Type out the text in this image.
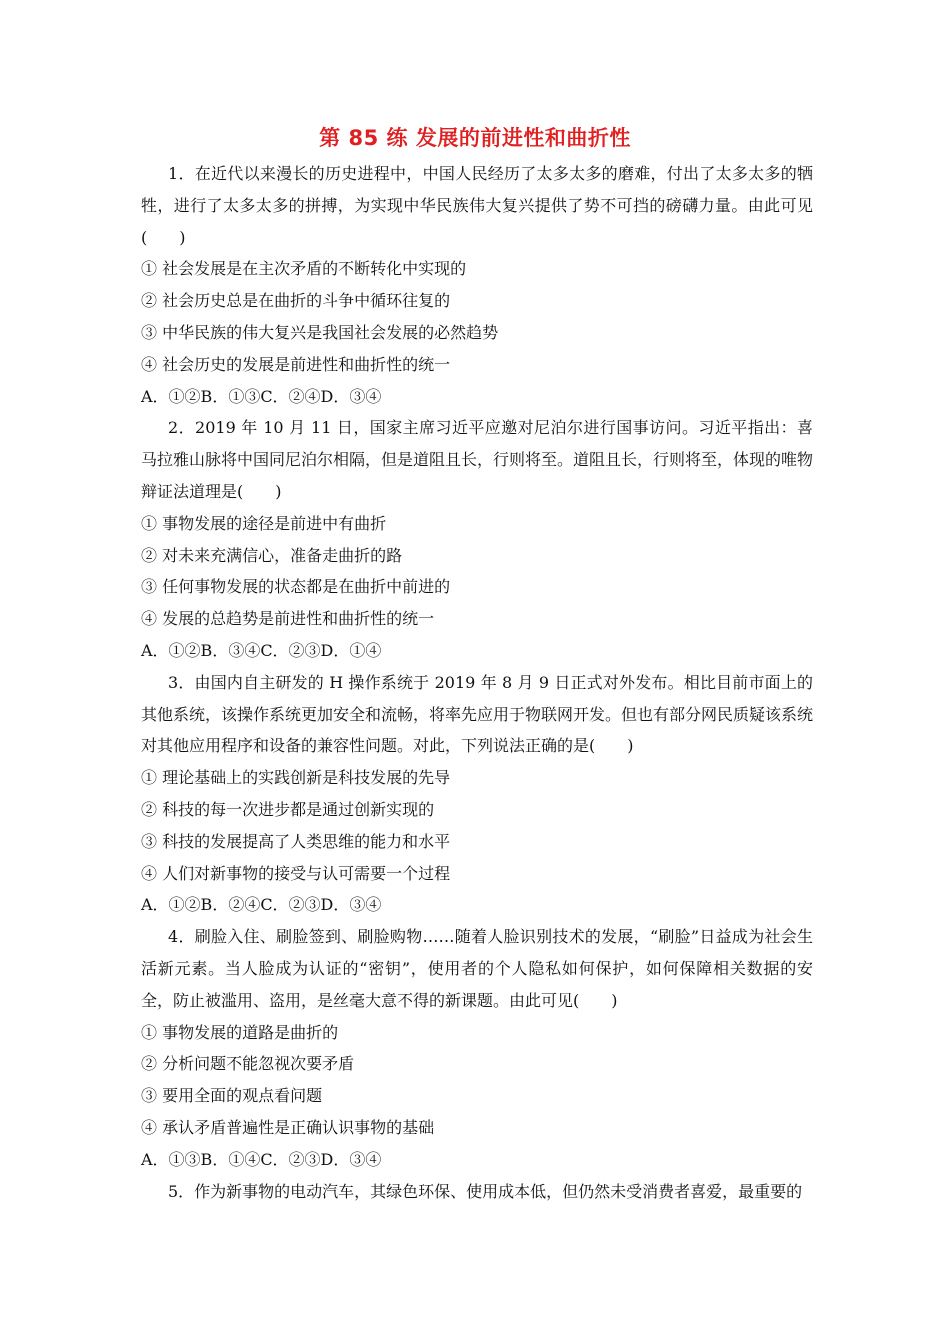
第 85 练 发展的前进性和曲折性

1．在近代以来漫长的历史进程中，中国人民经历了太多太多的磨难，付出了太多太多的牺牲，进行了太多太多的拼搏，为实现中华民族伟大复兴提供了势不可挡的磅礴力量。由此可见(　　)

① 社会发展是在主次矛盾的不断转化中实现的

② 社会历史总是在曲折的斗争中循环往复的

③ 中华民族的伟大复兴是我国社会发展的必然趋势

④ 社会历史的发展是前进性和曲折性的统一

A．①②B．①③C．②④D．③④

2．2019 年 10 月 11 日，国家主席习近平应邀对尼泊尔进行国事访问。习近平指出：喜马拉雅山脉将中国同尼泊尔相隔，但是道阻且长，行则将至。道阻且长，行则将至，体现的唯物辩证法道理是(　　)

① 事物发展的途径是前进中有曲折

② 对未来充满信心，准备走曲折的路

③ 任何事物发展的状态都是在曲折中前进的

④ 发展的总趋势是前进性和曲折性的统一

A．①②B．③④C．②③D．①④

3．由国内自主研发的 H 操作系统于 2019 年 8 月 9 日正式对外发布。相比目前市面上的其他系统，该操作系统更加安全和流畅，将率先应用于物联网开发。但也有部分网民质疑该系统对其他应用程序和设备的兼容性问题。对此，下列说法正确的是(　　)

① 理论基础上的实践创新是科技发展的先导

② 科技的每一次进步都是通过创新实现的

③ 科技的发展提高了人类思维的能力和水平

④ 人们对新事物的接受与认可需要一个过程

A．①②B．②④C．②③D．③④

4．刷脸入住、刷脸签到、刷脸购物……随着人脸识别技术的发展，“刷脸”日益成为社会生活新元素。当人脸成为认证的“密钥”，使用者的个人隐私如何保护，如何保障相关数据的安全，防止被滥用、盗用，是丝毫大意不得的新课题。由此可见(　　)

① 事物发展的道路是曲折的

② 分析问题不能忽视次要矛盾

③ 要用全面的观点看问题

④ 承认矛盾普遍性是正确认识事物的基础

A．①③B．①④C．②③D．③④

5．作为新事物的电动汽车，其绿色环保、使用成本低，但仍然未受消费者喜爱，最重要的
